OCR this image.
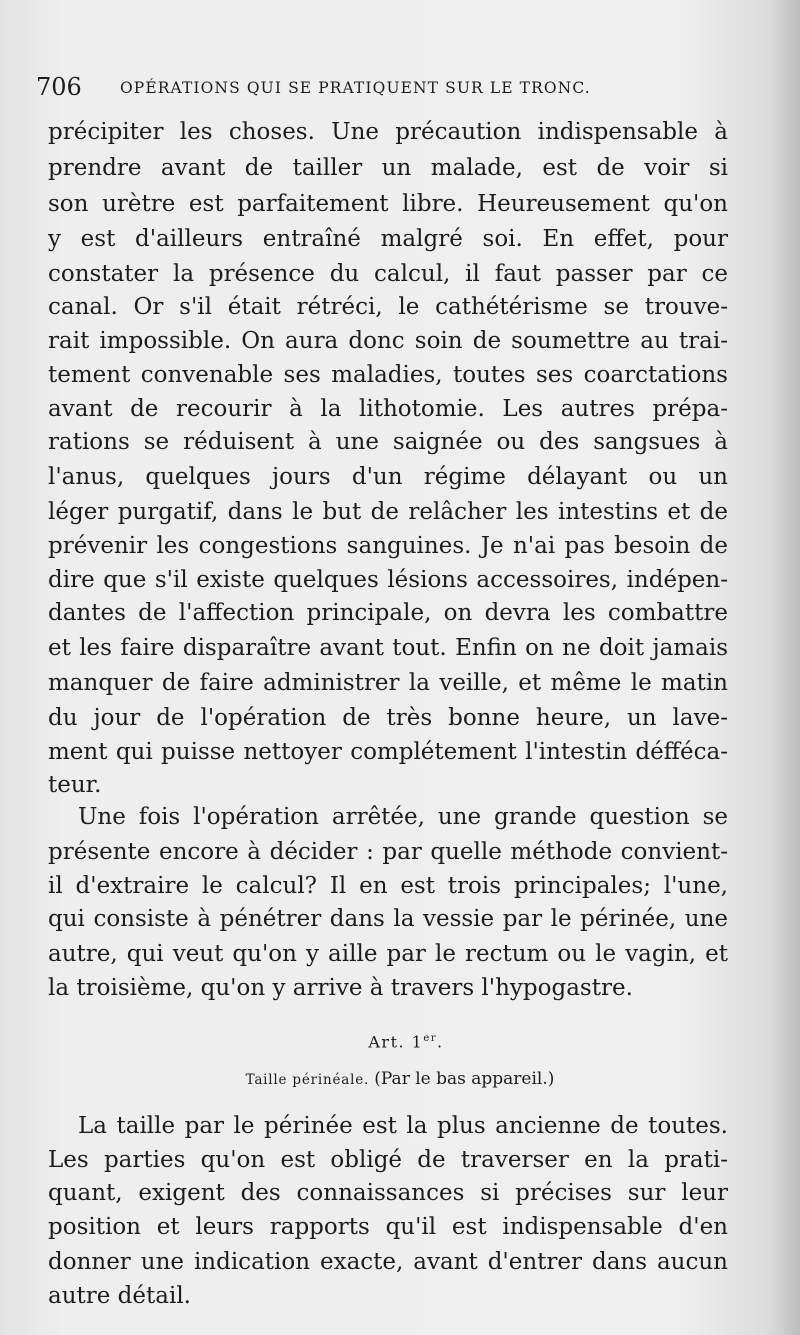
706 OPÉRATIONS QUI SE PRATIQUENT SUR LE TRONC.
précipiter les choses. Une précaution indispensable à
prendre avant de tailler un malade, est de voir si
son urètre est parfaitement libre. Heureusement qu'on
y est d'ailleurs entraîné malgré soi. En effet, pour
constater la présence du calcul, il faut passer par ce
canal. Or s'il était rétréci, le cathétérisme se trouve-
rait impossible. On aura donc soin de soumettre au trai-
tement convenable ses maladies, toutes ses coarctations
avant de recourir à la lithotomie. Les autres prépa-
rations se réduisent à une saignée ou des sangsues à
l'anus, quelques jours d'un régime délayant ou un
léger purgatif, dans le but de relâcher les intestins et de
prévenir les congestions sanguines. Je n'ai pas besoin de
dire que s'il existe quelques lésions accessoires, indépen-
dantes de l'affection principale, on devra les combattre
et les faire disparaître avant tout. Enfin on ne doit jamais
manquer de faire administrer la veille, et même le matin
du jour de l'opération de très bonne heure, un lave-
ment qui puisse nettoyer complétement l'intestin défféca-
teur.
Une fois l'opération arrêtée, une grande question se
présente encore à décider : par quelle méthode convient-
il d'extraire le calcul? Il en est trois principales; l'une,
qui consiste à pénétrer dans la vessie par le périnée, une
autre, qui veut qu'on y aille par le rectum ou le vagin, et
la troisième, qu'on y arrive à travers l'hypogastre.
Art. 1er.
Taille périnéale. (Par le bas appareil.)
La taille par le périnée est la plus ancienne de toutes.
Les parties qu'on est obligé de traverser en la prati-
quant, exigent des connaissances si précises sur leur
position et leurs rapports qu'il est indispensable d'en
donner une indication exacte, avant d'entrer dans aucun
autre détail.
